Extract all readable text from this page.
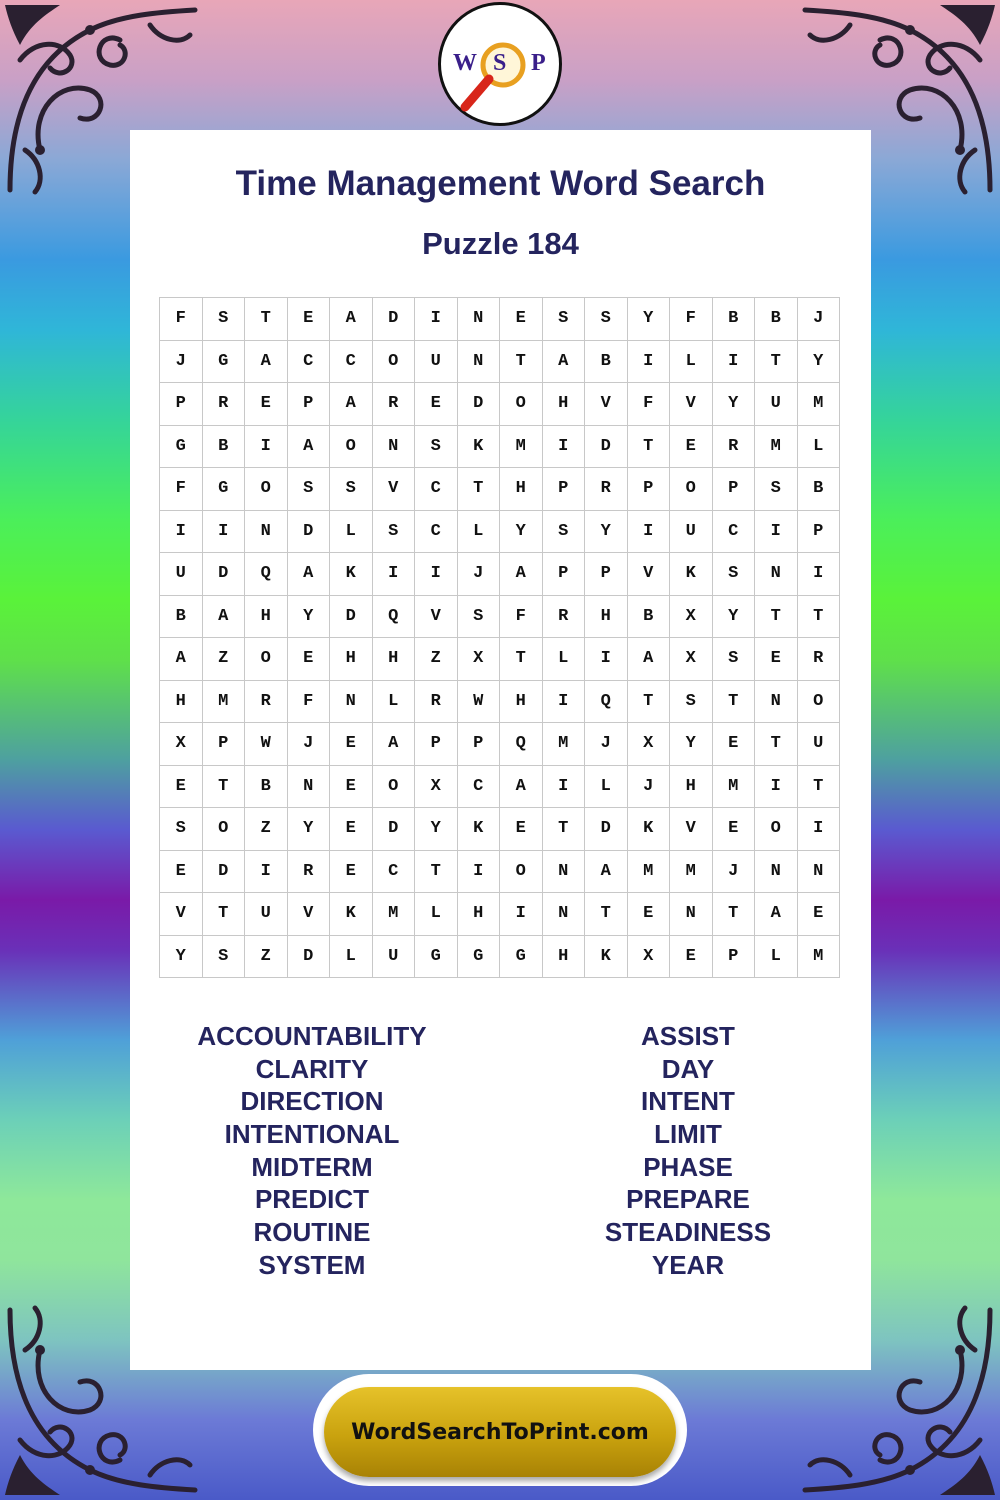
W S P
Time Management Word Search
Puzzle 184
F	S	T	E	A	D	I	N	E	S	S	Y	F	B	B	J
J	G	A	C	C	O	U	N	T	A	B	I	L	I	T	Y
P	R	E	P	A	R	E	D	O	H	V	F	V	Y	U	M
G	B	I	A	O	N	S	K	M	I	D	T	E	R	M	L
F	G	O	S	S	V	C	T	H	P	R	P	O	P	S	B
I	I	N	D	L	S	C	L	Y	S	Y	I	U	C	I	P
U	D	Q	A	K	I	I	J	A	P	P	V	K	S	N	I
B	A	H	Y	D	Q	V	S	F	R	H	B	X	Y	T	T
A	Z	O	E	H	H	Z	X	T	L	I	A	X	S	E	R
H	M	R	F	N	L	R	W	H	I	Q	T	S	T	N	O
X	P	W	J	E	A	P	P	Q	M	J	X	Y	E	T	U
E	T	B	N	E	O	X	C	A	I	L	J	H	M	I	T
S	O	Z	Y	E	D	Y	K	E	T	D	K	V	E	O	I
E	D	I	R	E	C	T	I	O	N	A	M	M	J	N	N
V	T	U	V	K	M	L	H	I	N	T	E	N	T	A	E
Y	S	Z	D	L	U	G	G	G	H	K	X	E	P	L	M
ACCOUNTABILITY
CLARITY
DIRECTION
INTENTIONAL
MIDTERM
PREDICT
ROUTINE
SYSTEM
ASSIST
DAY
INTENT
LIMIT
PHASE
PREPARE
STEADINESS
YEAR
WordSearchToPrint.com
